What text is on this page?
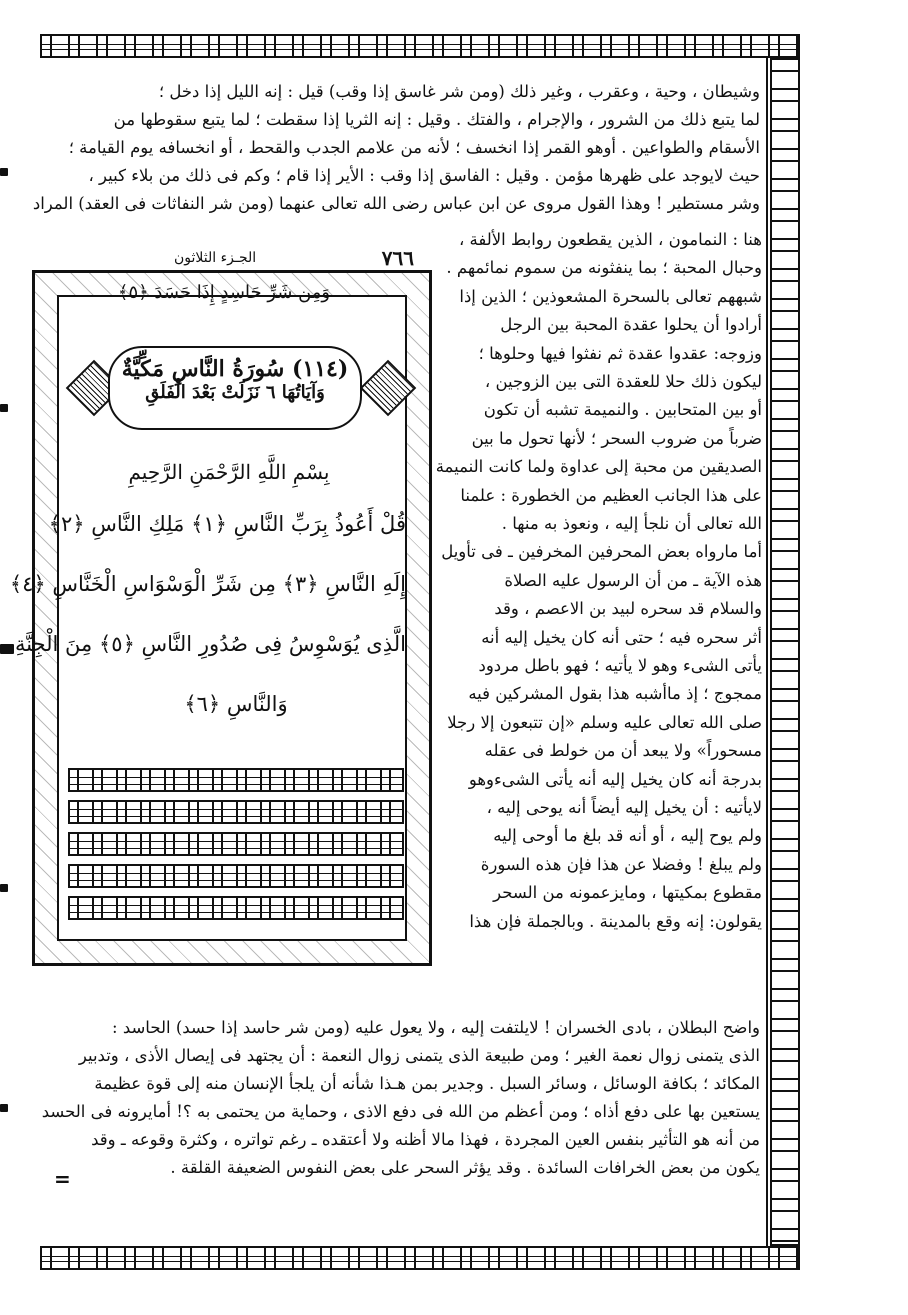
وشيطان ، وحية ، وعقرب ، وغير ذلك (ومن شر غاسق إذا وقب) قيل : إنه الليل إذا دخل ؛
لما يتبع ذلك من الشرور ، والإجرام ، والفتك . وقيل : إنه الثريا إذا سقطت ؛ لما يتبع سقوطها من
الأسقام والطواعين . أوهو القمر إذا انخسف ؛ لأنه من علامم الجدب والقحط ، أو انخسافه يوم القيامة ؛
حيث لايوجد على ظهرها مؤمن . وقيل : الفاسق إذا وقب : الأير إذا قام ؛ وكم فى ذلك من بلاء كبير ،
وشر مستطير ! وهذا القول مروى عن ابن عباس رضى الله تعالى عنهما (ومن شر النفاثات فى العقد) المراد
هنا : النمامون ، الذين يقطعون روابط الألفة ،
وحبال المحبة ؛ بما ينفثونه من سموم نمائمهم .
شبههم تعالى بالسحرة المشعوذين ؛ الذين إذا
أرادوا أن يحلوا عقدة المحبة بين الرجل
وزوجه: عقدوا عقدة ثم نفثوا فيها وحلوها ؛
ليكون ذلك حلا للعقدة التى بين الزوجين ،
أو بين المتحابين . والنميمة تشبه أن تكون
ضرباً من ضروب السحر ؛ لأنها تحول ما بين
الصديقين من محبة إلى عداوة ولما كانت النميمة
على هذا الجانب العظيم من الخطورة : علمنا
الله تعالى أن نلجأ إليه ، ونعوذ به منها .
أما مارواه بعض المحرفين المخرفين ـ فى تأويل
هذه الآية ـ من أن الرسول عليه الصلاة
والسلام قد سحره لبيد بن الاعصم ، وقد
أثر سحره فيه ؛ حتى أنه كان يخيل إليه أنه
يأتى الشىء وهو لا يأتيه ؛ فهو باطل مردود
ممجوج ؛ إذ ماأشبه هذا بقول المشركين فيه
صلى الله تعالى عليه وسلم «إن تتبعون إلا رجلا
مسحوراً» ولا يبعد أن من خولط فى عقله
بدرجة أنه كان يخيل إليه أنه يأتى الشىءوهو
لايأتيه : أن يخيل إليه أيضاً أنه يوحى إليه ،
ولم يوح إليه ، أو أنه قد بلغ ما أوحى إليه
ولم يبلغ ! وفضلا عن هذا فإن هذه السورة
مقطوع بمكيتها ، ومايزعمونه من السحر
يقولون: إنه وقع بالمدينة . وبالجملة فإن هذا
٧٦٦
الجـزء الثلاثون
وَمِن شَرِّ حَاسِدٍ إِذَا حَسَدَ ﴿٥﴾
(١١٤) سُورَةُ النَّاسِ مَكِّيَّةٌ
وَآيَاتُهَا ٦ نَزَلَتْ بَعْدَ الْفَلَقِ
بِسْمِ اللَّهِ الرَّحْمَنِ الرَّحِيمِ
قُلْ أَعُوذُ بِرَبِّ النَّاسِ ﴿١﴾ مَلِكِ النَّاسِ ﴿٢﴾
إِلَهِ النَّاسِ ﴿٣﴾ مِن شَرِّ الْوَسْوَاسِ الْخَنَّاسِ ﴿٤﴾
الَّذِى يُوَسْوِسُ فِى صُدُورِ النَّاسِ ﴿٥﴾ مِنَ الْجِنَّةِ
وَالنَّاسِ ﴿٦﴾
واضح البطلان ، بادى الخسران ! لايلتفت إليه ، ولا يعول عليه (ومن شر حاسد إذا حسد) الحاسد :
الذى يتمنى زوال نعمة الغير ؛ ومن طبيعة الذى يتمنى زوال النعمة : أن يجتهد فى إيصال الأذى ، وتدبير
المكائد ؛ بكافة الوسائل ، وسائر السبل . وجدير بمن هـذا شأنه أن يلجأ الإنسان منه إلى قوة عظيمة
يستعين بها على دفع أذاه ؛ ومن أعظم من الله فى دفع الاذى ، وحماية من يحتمى به ؟! أمايرونه فى الحسد
من أنه هو التأثير بنفس العين المجردة ، فهذا مالا أظنه ولا أعتقده ـ رغم تواتره ، وكثرة وقوعه ـ وقد
يكون من بعض الخرافات السائدة . وقد يؤثر السحر على بعض النفوس الضعيفة القلقة .
=
